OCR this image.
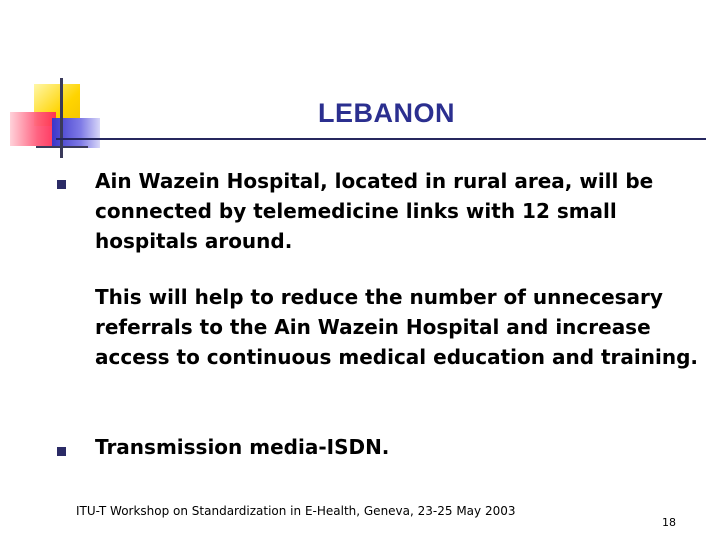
LEBANON
Ain Wazein Hospital, located in rural area, will be connected by telemedicine links with 12 small hospitals around.
This will help to reduce the number of unnecesary referrals to the Ain Wazein Hospital and increase access to continuous medical education and training.
Transmission media-ISDN.
ITU-T Workshop on Standardization in E-Health, Geneva, 23-25 May 2003
18
